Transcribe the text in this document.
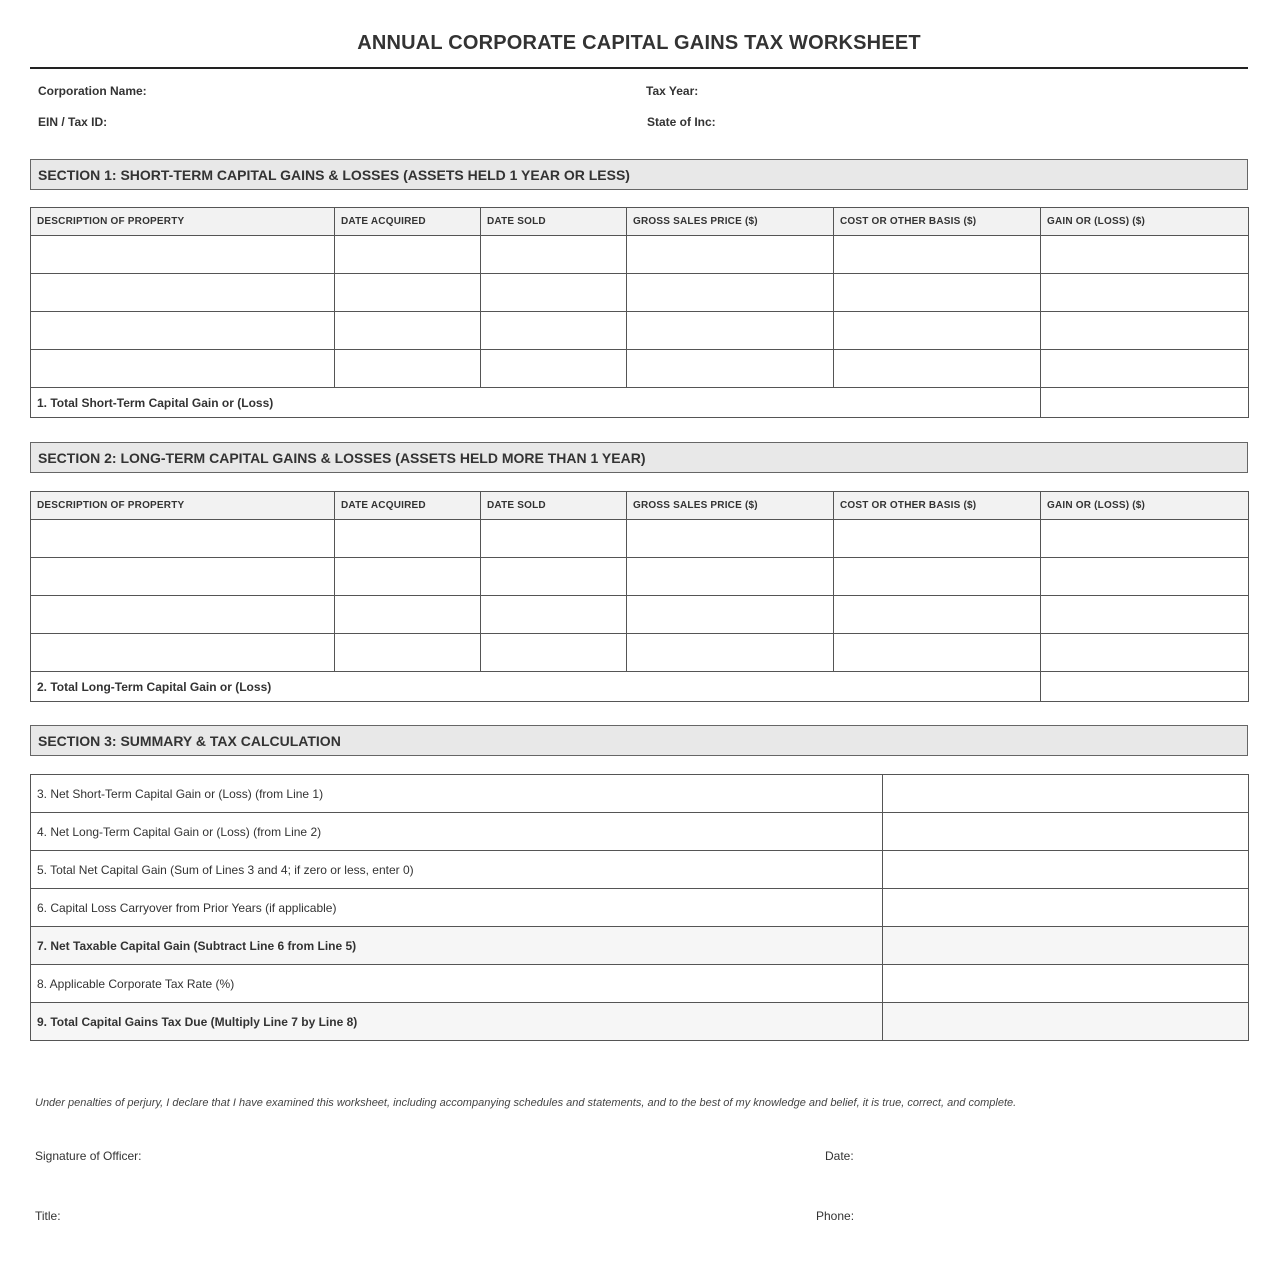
ANNUAL CORPORATE CAPITAL GAINS TAX WORKSHEET
Corporation Name:	Tax Year:
EIN / Tax ID:	State of Inc:
SECTION 1: SHORT-TERM CAPITAL GAINS & LOSSES (ASSETS HELD 1 YEAR OR LESS)
DESCRIPTION OF PROPERTY	DATE ACQUIRED	DATE SOLD	GROSS SALES PRICE ($)	COST OR OTHER BASIS ($)	GAIN OR (LOSS) ($)

1. Total Short-Term Capital Gain or (Loss)					
SECTION 2: LONG-TERM CAPITAL GAINS & LOSSES (ASSETS HELD MORE THAN 1 YEAR)
DESCRIPTION OF PROPERTY	DATE ACQUIRED	DATE SOLD	GROSS SALES PRICE ($)	COST OR OTHER BASIS ($)	GAIN OR (LOSS) ($)

2. Total Long-Term Capital Gain or (Loss)					
SECTION 3: SUMMARY & TAX CALCULATION
3. Net Short-Term Capital Gain or (Loss) (from Line 1)	
4. Net Long-Term Capital Gain or (Loss) (from Line 2)	
5. Total Net Capital Gain (Sum of Lines 3 and 4; if zero or less, enter 0)	
6. Capital Loss Carryover from Prior Years (if applicable)	
7. Net Taxable Capital Gain (Subtract Line 6 from Line 5)	
8. Applicable Corporate Tax Rate (%)	
9. Total Capital Gains Tax Due (Multiply Line 7 by Line 8)	
Under penalties of perjury, I declare that I have examined this worksheet, including accompanying schedules and statements, and to the best of my knowledge and belief, it is true, correct, and complete.
Signature of Officer:	Date:
Title:	Phone:
